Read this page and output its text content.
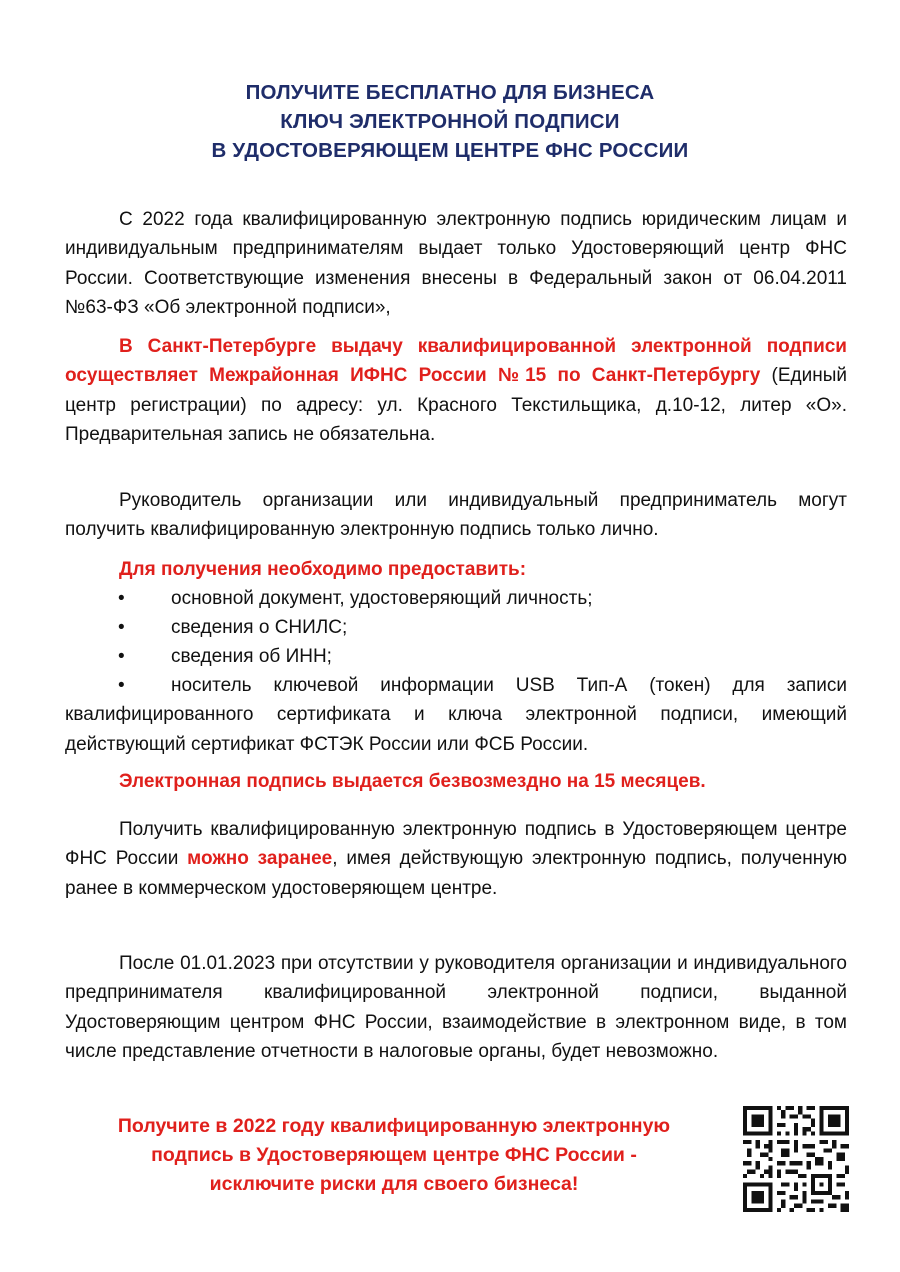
ПОЛУЧИТЕ БЕСПЛАТНО ДЛЯ БИЗНЕСА
КЛЮЧ ЭЛЕКТРОННОЙ ПОДПИСИ
В УДОСТОВЕРЯЮЩЕМ ЦЕНТРЕ ФНС РОССИИ

С 2022 года квалифицированную электронную подпись юридическим лицам и индивидуальным предпринимателям выдает только Удостоверяющий центр ФНС России. Соответствующие изменения внесены в Федеральный закон от 06.04.2011 №63-ФЗ «Об электронной подписи»,

В Санкт-Петербурге выдачу квалифицированной электронной подписи осуществляет Межрайонная ИФНС России №15 по Санкт-Петербургу (Единый центр регистрации) по адресу: ул. Красного Текстильщика, д.10-12, литер «О». Предварительная запись не обязательна.

Руководитель организации или индивидуальный предприниматель могут получить квалифицированную электронную подпись только лично.

Для получения необходимо предоставить:
•	основной документ, удостоверяющий личность;
•	сведения о СНИЛС;
•	сведения об ИНН;
•	носитель ключевой информации USB Тип-А (токен) для записи квалифицированного сертификата и ключа электронной подписи, имеющий действующий сертификат ФСТЭК России или ФСБ России.
Электронная подпись выдается безвозмездно на 15 месяцев.

Получить квалифицированную электронную подпись в Удостоверяющем центре ФНС России можно заранее, имея действующую электронную подпись, полученную ранее в коммерческом удостоверяющем центре.

После 01.01.2023 при отсутствии у руководителя организации и индивидуального предпринимателя квалифицированной электронной подписи, выданной Удостоверяющим центром ФНС России, взаимодействие в электронном виде, в том числе представление отчетности в налоговые органы, будет невозможно.

Получите в 2022 году квалифицированную электронную
подпись в Удостоверяющем центре ФНС России -
исключите риски для своего бизнеса!
